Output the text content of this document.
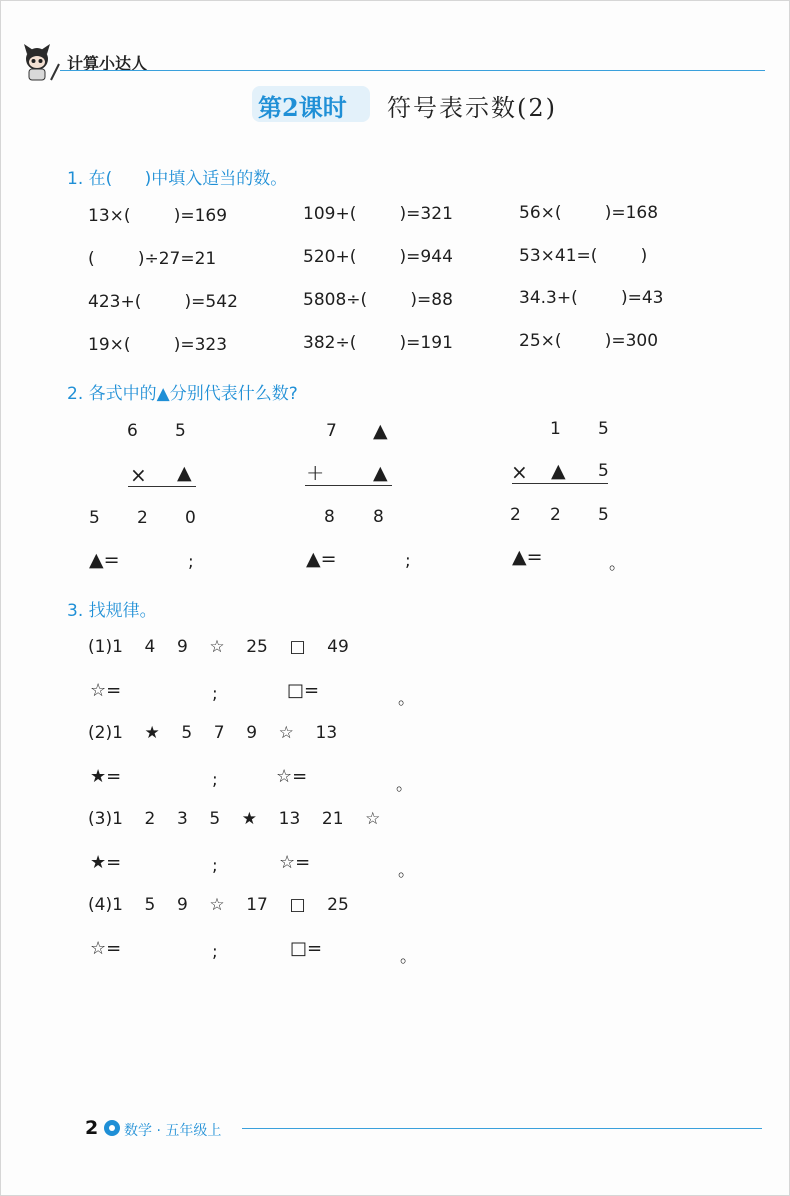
计算小达人
第2课时 符号表示数(2)
1. 在(      )中填入适当的数。
13×(        )=169	109+(        )=321	56×(        )=168
(        )÷27=21	520+(        )=944	53×41=(        )
423+(        )=542	5808÷(        )=88	34.3+(        )=43
19×(        )=323	382÷(        )=191	25×(        )=300
2. 各式中的▲分别代表什么数?
6 5
× ▲
5 2 0
▲=	;
7 ▲
+	▲
8 8
▲=	;
1 5
× ▲ 5
2 2 5
▲=	。
3. 找规律。
(1)1    4    9    ☆    25    □    49
☆=	;	□=	。
(2)1    ★    5    7    9    ☆    13
★=	;	☆=	。
(3)1    2    3    5    ★    13    21    ☆
★=	;	☆=	。
(4)1    5    9    ☆    17    □    25
☆=	;	□=	。
2 数学 · 五年级上
